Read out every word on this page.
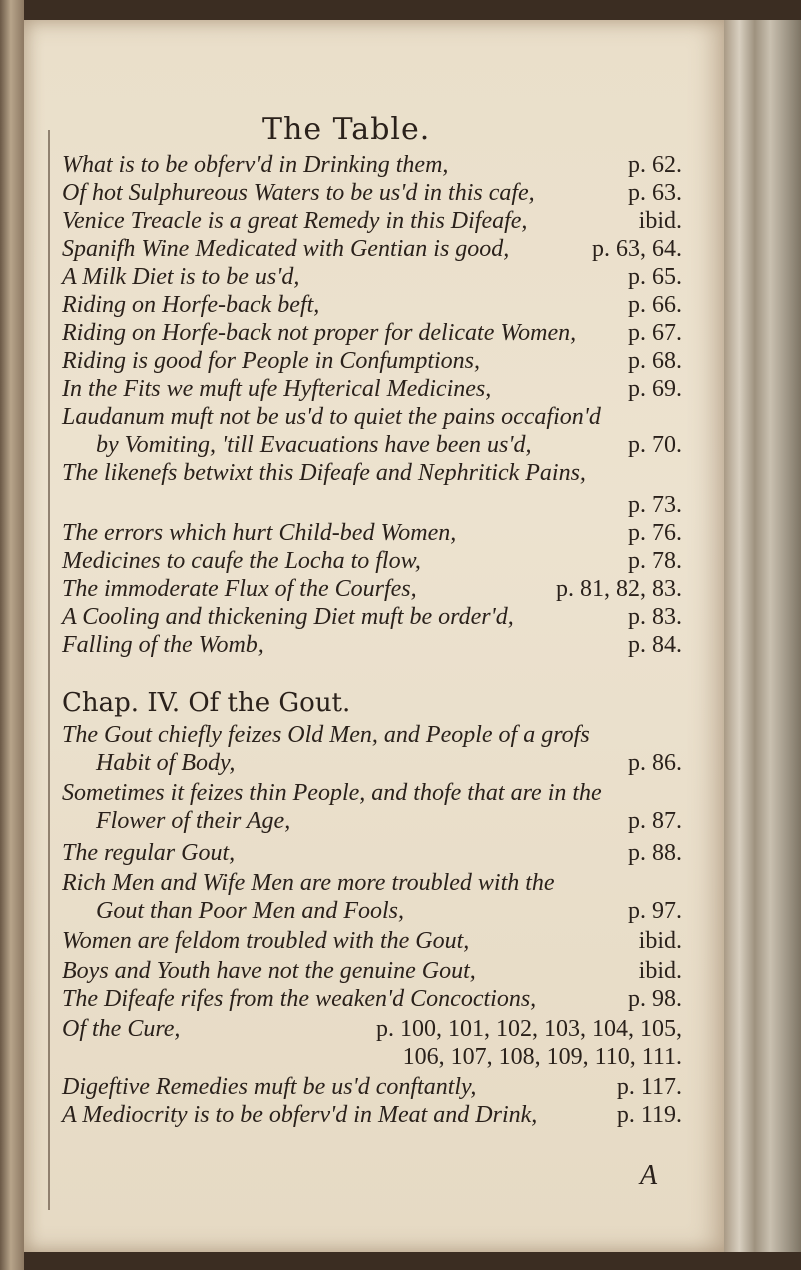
The Table.
What is to be obferv'd in Drinking them,	p. 62.
Of hot Sulphureous Waters to be us'd in this cafe,	p. 63.
Venice Treacle is a great Remedy in this Difeafe,	ibid.
Spanifh Wine Medicated with Gentian is good,	p. 63, 64.
A Milk Diet is to be us'd,	p. 65.
Riding on Horfe-back beft,	p. 66.
Riding on Horfe-back not proper for delicate Women, p. 67.
Riding is good for People in Confumptions,	p. 68.
In the Fits we muft ufe Hyfterical Medicines,	p. 69.
Laudanum muft not be us'd to quiet the pains occafion'd
by Vomiting, 'till Evacuations have been us'd,	p. 70.
The likenefs betwixt this Difeafe and Nephritick Pains,
p. 73.
The errors which hurt Child-bed Women,	p. 76.
Medicines to caufe the Locha to flow,	p. 78.
The immoderate Flux of the Courfes,	p. 81, 82, 83.
A Cooling and thickening Diet muft be order'd,	p. 83.
Falling of the Womb,	p. 84.
Chap. IV. Of the Gout.
The Gout chiefly feizes Old Men, and People of a grofs
Habit of Body,	p. 86.
Sometimes it feizes thin People, and thofe that are in the
Flower of their Age,	p. 87.
The regular Gout,	p. 88.
Rich Men and Wife Men are more troubled with the
Gout than Poor Men and Fools,	p. 97.
Women are feldom troubled with the Gout,	ibid.
Boys and Youth have not the genuine Gout,	ibid.
The Difeafe rifes from the weaken'd Concoctions,	p. 98.
Of the Cure,	p. 100, 101, 102, 103, 104, 105,
106, 107, 108, 109, 110, 111.
Digeftive Remedies muft be us'd conftantly,	p. 117.
A Mediocrity is to be obferv'd in Meat and Drink,	p. 119.
A
